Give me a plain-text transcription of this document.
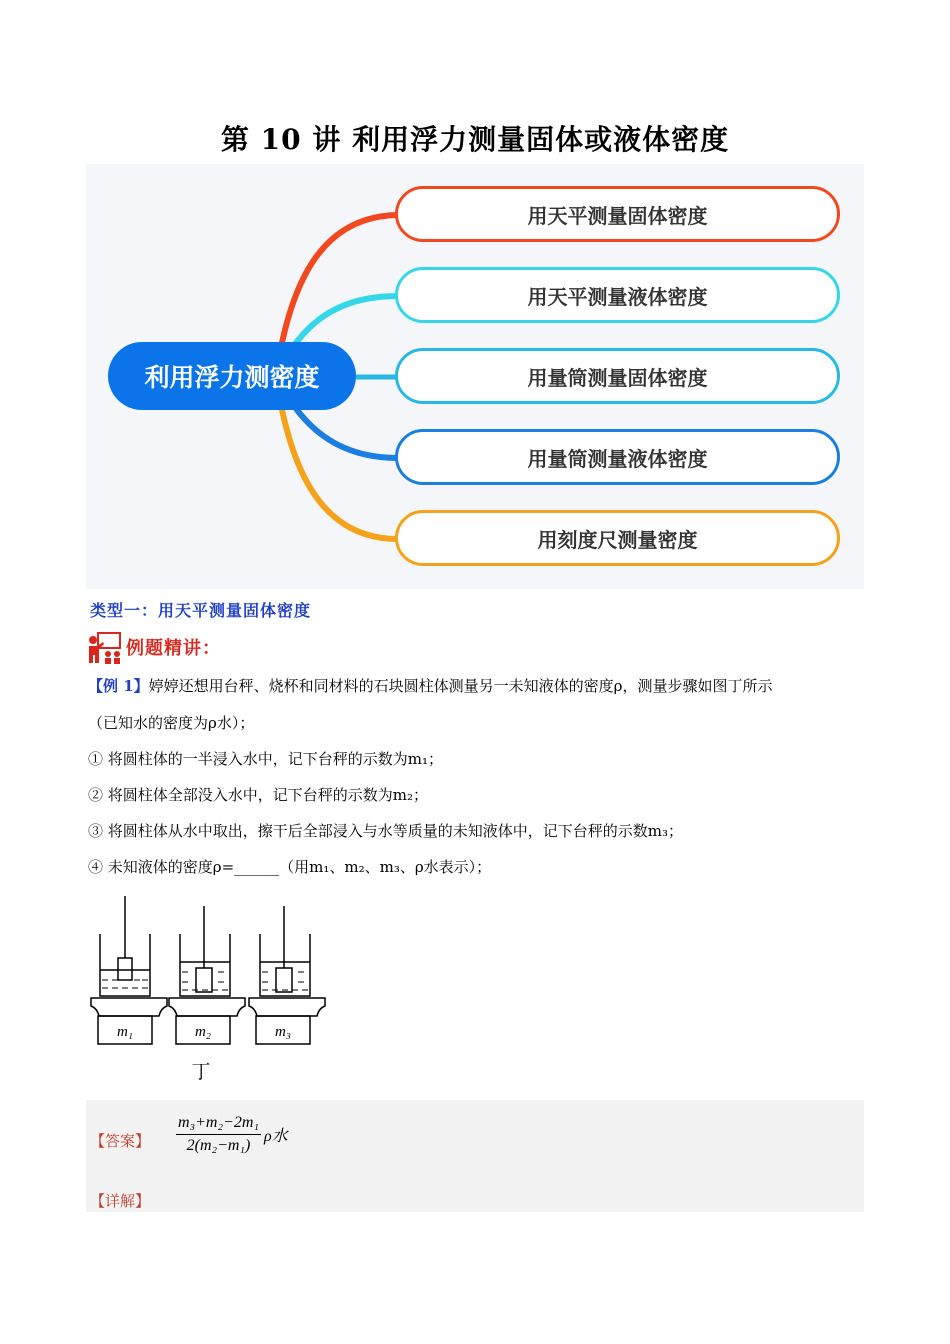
第 10 讲 利用浮力测量固体或液体密度
利用浮力测密度
用天平测量固体密度
用天平测量液体密度
用量筒测量固体密度
用量筒测量液体密度
用刻度尺测量密度
类型一：用天平测量固体密度
例题精讲：
【例 1】婷婷还想用台秤、烧杯和同材料的石块圆柱体测量另一未知液体的密度ρ，测量步骤如图丁所示
（已知水的密度为ρ水）；
① 将圆柱体的一半浸入水中，记下台秤的示数为m₁；
② 将圆柱体全部没入水中，记下台秤的示数为m₂；
③ 将圆柱体从水中取出，擦干后全部浸入与水等质量的未知液体中，记下台秤的示数m₃；
④ 未知液体的密度ρ=______（用m₁、m₂、m₃、ρ水表示）；
m₁	m₂	m₃
丁
【答案】 $\frac{\text{m₃+m₂−2m₁}}{\text{2(m₂−m₁)}}$ ρ水
【详解】
